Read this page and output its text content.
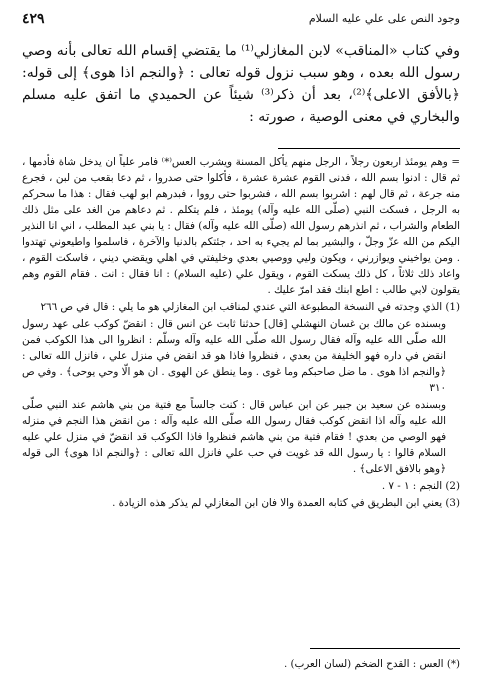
وجود النص على علي عليه السلام
٤٢٩

وفي كتاب «المناقب» لابن المغازلي⁽¹⁾ ما يقتضي إقسام الله تعالى بأنه وصي رسول الله بعده ، وهو سبب نزول قوله تعالى : ﴿والنجم اذا هوى﴾ إلى قوله: ﴿بالأفق الاعلى﴾⁽²⁾، بعد أن ذكر⁽³⁾ شيئاً عن الحميدي ما اتفق عليه مسلم والبخاري في معنى الوصية ، صورته :

= وهم يومئذ اربعون رجلاً ، الرجل منهم يأكل المسنة ويشرب العس⁽*⁾ فامر علياً ان يدخل شاة فأدمها ، ثم قال : ادنوا بسم الله ، فدنى القوم عشرة عشرة ، فأكلوا حتى صدروا ، ثم دعا بقعب من لبن ، فجرع منه جرعة ، ثم قال لهم : اشربوا بسم الله ، فشربوا حتى رووا ، فبدرهم ابو لهب فقال : هذا ما سحركم به الرجل ، فسكت النبي (صلّى الله عليه وآله) يومئذ ، فلم يتكلم . ثم دعاهم من الغد على مثل ذلك الطعام والشراب ، ثم انذرهم رسول الله (صلّى الله عليه وآله) فقال : يا بني عبد المطلب ، اني انا النذير اليكم من الله عزّ وجلّ ، والبشير بما لم يجيء به احد ، جئتكم بالدنيا والآخرة ، فاسلموا واطيعوني تهتدوا . ومن يواخيني ويوازرني ، ويكون وليي ووصيي بعدي وخليفتي في اهلي ويقضي ديني ، فاسكت القوم ، واعاد ذلك ثلاثاً ، كل ذلك يسكت القوم ، ويقول علي (عليه السلام) : انا فقال : انت . فقام القوم وهم يقولون لابي طالب : اطع ابنك فقد امرّ عليك .

(1) الذي وجدته في النسخة المطبوعة التي عندي لمناقب ابن المغازلي هو ما يلي : قال في ص ٢٦٦

وبسنده عن مالك بن غسان النهشلي [قال] حدثنا ثابت عن انس قال : انقضّ كوكب على عهد رسول الله صلّى الله عليه وآله فقال رسول الله صلّى الله عليه وآله وسلّم : انظروا الى هذا الكوكب فمن انقض في داره فهو الخليفة من بعدي ، فنظروا فاذا هو قد انقض في منزل علي ، فانزل الله تعالى : ﴿والنجم اذا هوى . ما ضل صاحبكم وما غوى . وما ينطق عن الهوى . ان هو الّا وحي يوحى﴾ . وفي ص ٣١٠

وبسنده عن سعيد بن جبير عن ابن عباس قال : كنت جالساً مع فتية من بني هاشم عند النبي صلّى الله عليه وآله اذا انقض كوكب فقال رسول الله صلّى الله عليه وآله : من انقض هذا النجم في منزله فهو الوصي من بعدي ! فقام فتية من بني هاشم فنظروا فاذا الكوكب قد انقضّ في منزل علي عليه السلام قالوا : يا رسول الله قد غويت في حب علي فانزل الله تعالى : ﴿والنجم اذا هوى﴾ الى قوله ﴿وهو بالافق الاعلى﴾ .

(2) النجم : ١ - ٧ .

(3) يعني ابن البطريق في كتابه العمدة والا فان ابن المغازلي لم يذكر هذه الزيادة .

(*) العس : القدح الضخم (لسان العرب) .
